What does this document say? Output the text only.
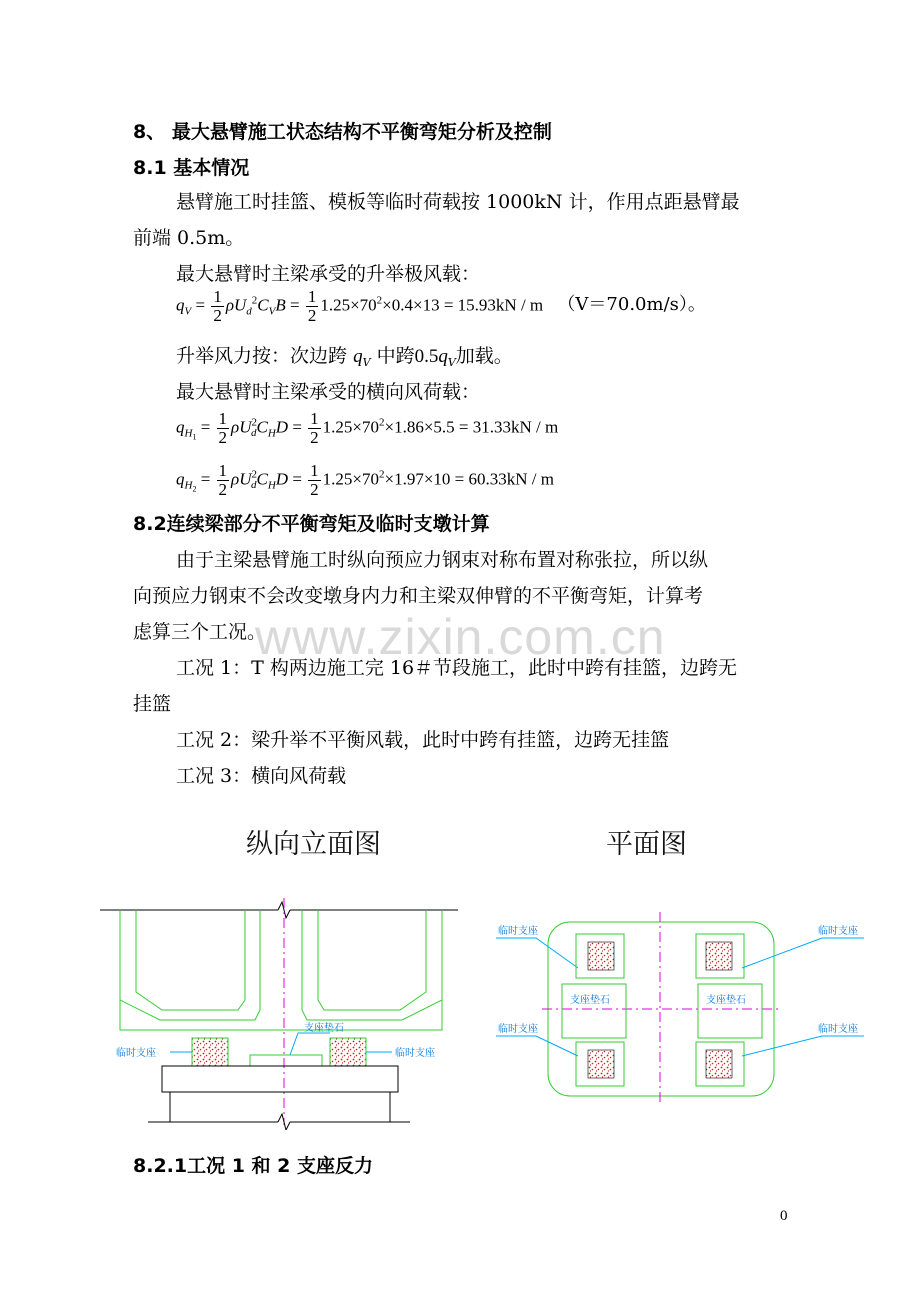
8、 最大悬臂施工状态结构不平衡弯矩分析及控制
8.1 基本情况
悬臂施工时挂篮、模板等临时荷载按 1000kN 计，作用点距悬臂最
前端 0.5m。
最大悬臂时主梁承受的升举极风载：
$q_V = \frac{1}{2} \rho U_d^2C_VB = \frac{1}{2} 1.25\times 70^2\times 0.4\times 13 = 15.93kN / m$ （V＝70.0m/s）。
升举风力按：次边跨 $q_V$ 中跨$0.5q_V$加载。
最大悬臂时主梁承受的横向风荷载：
$q_{H1} = \frac{1}{2} \rho U^2_dC_HD = \frac{1}{2} 1.25\times 70^2\times 1.86\times 5.5 = 31.33kN / m$
$q_{H2} = \frac{1}{2} \rho U^2_dC_HD = \frac{1}{2} 1.25\times 70^2\times 1.97\times 10 = 60.33kN / m$
8.2连续梁部分不平衡弯矩及临时支墩计算
由于主梁悬臂施工时纵向预应力钢束对称布置对称张拉，所以纵
向预应力钢束不会改变墩身内力和主梁双伸臂的不平衡弯矩，计算考
虑算三个工况。
www.zixin.com.cn
工况 1：T 构两边施工完 16＃节段施工，此时中跨有挂篮，边跨无
挂篮
工况 2：梁升举不平衡风载，此时中跨有挂篮，边跨无挂篮
工况 3：横向风荷载
纵向立面图	平面图
临时支座	临时支座
支座垫石
支座垫石	支座垫石
临时支座	临时支座
临时支座	临时支座
8.2.1工况 1 和 2 支座反力
0
